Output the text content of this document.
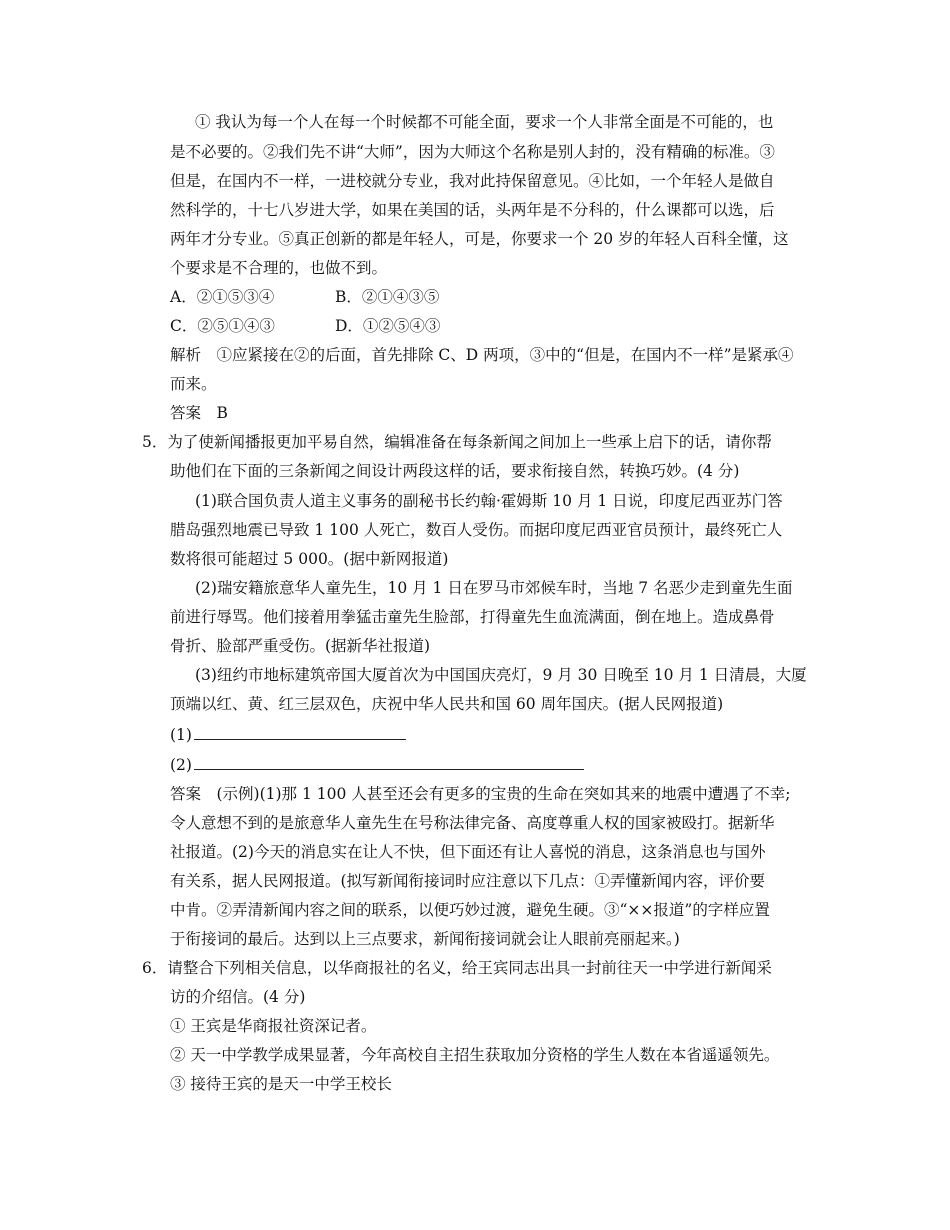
① 我认为每一个人在每一个时候都不可能全面，要求一个人非常全面是不可能的，也
是不必要的。②我们先不讲“大师”，因为大师这个名称是别人封的，没有精确的标准。③
但是，在国内不一样，一进校就分专业，我对此持保留意见。④比如，一个年轻人是做自
然科学的，十七八岁进大学，如果在美国的话，头两年是不分科的，什么课都可以选，后
两年才分专业。⑤真正创新的都是年轻人，可是，你要求一个 20 岁的年轻人百科全懂，这
个要求是不合理的，也做不到。
A．②①⑤③④	B．②①④③⑤
C．②⑤①④③	D．①②⑤④③
解析　①应紧接在②的后面，首先排除 C、D 两项，③中的“但是，在国内不一样”是紧承④
而来。
答案　B
5．为了使新闻播报更加平易自然，编辑准备在每条新闻之间加上一些承上启下的话，请你帮
助他们在下面的三条新闻之间设计两段这样的话，要求衔接自然，转换巧妙。(4 分)
(1)联合国负责人道主义事务的副秘书长约翰·霍姆斯 10 月 1 日说，印度尼西亚苏门答
腊岛强烈地震已导致 1 100 人死亡，数百人受伤。而据印度尼西亚官员预计，最终死亡人
数将很可能超过 5 000。(据中新网报道)
(2)瑞安籍旅意华人童先生，10 月 1 日在罗马市郊候车时，当地 7 名恶少走到童先生面
前进行辱骂。他们接着用拳猛击童先生脸部，打得童先生血流满面，倒在地上。造成鼻骨
骨折、脸部严重受伤。(据新华社报道)
(3)纽约市地标建筑帝国大厦首次为中国国庆亮灯，9 月 30 日晚至 10 月 1 日清晨，大厦
顶端以红、黄、红三层双色，庆祝中华人民共和国 60 周年国庆。(据人民网报道)
(1)
(2)
答案　(示例)(1)那 1 100 人甚至还会有更多的宝贵的生命在突如其来的地震中遭遇了不幸;
令人意想不到的是旅意华人童先生在号称法律完备、高度尊重人权的国家被殴打。据新华
社报道。(2)今天的消息实在让人不快，但下面还有让人喜悦的消息，这条消息也与国外
有关系，据人民网报道。(拟写新闻衔接词时应注意以下几点：①弄懂新闻内容，评价要
中肯。②弄清新闻内容之间的联系，以便巧妙过渡，避免生硬。③“××报道”的字样应置
于衔接词的最后。达到以上三点要求，新闻衔接词就会让人眼前亮丽起来。)
6．请整合下列相关信息，以华商报社的名义，给王宾同志出具一封前往天一中学进行新闻采
访的介绍信。(4 分)
① 王宾是华商报社资深记者。
② 天一中学教学成果显著，今年高校自主招生获取加分资格的学生人数在本省遥遥领先。
③ 接待王宾的是天一中学王校长
